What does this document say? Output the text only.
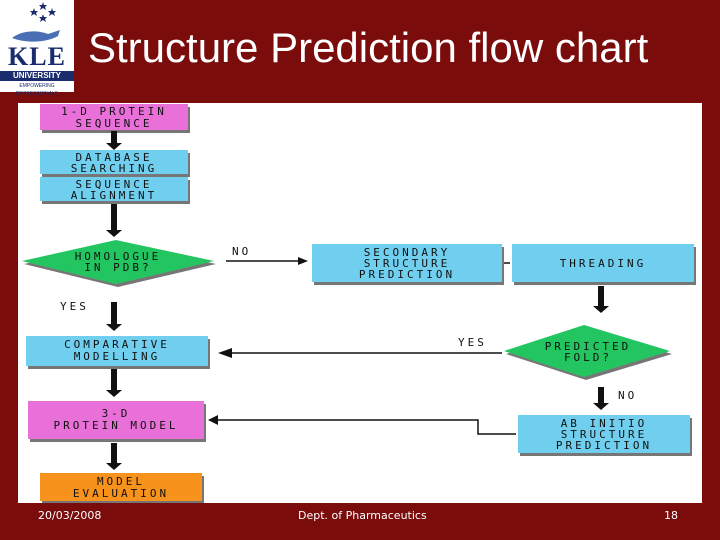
KLE
UNIVERSITY
EMPOWERING PROFESSIONALS
Structure Prediction flow chart
1-D PROTEIN
SEQUENCE
DATABASE
SEARCHING
SEQUENCE
ALIGNMENT
HOMOLOGUE
IN PDB?
NO	SECONDARY
STRUCTURE
PREDICTION
THREADING
YES
COMPARATIVE
MODELLING
YES	PREDICTED
FOLD?
NO
3-D
PROTEIN MODEL	AB INITIO
STRUCTURE
PREDICTION
MODEL
EVALUATION
20/03/2008	Dept. of Pharmaceutics	18
